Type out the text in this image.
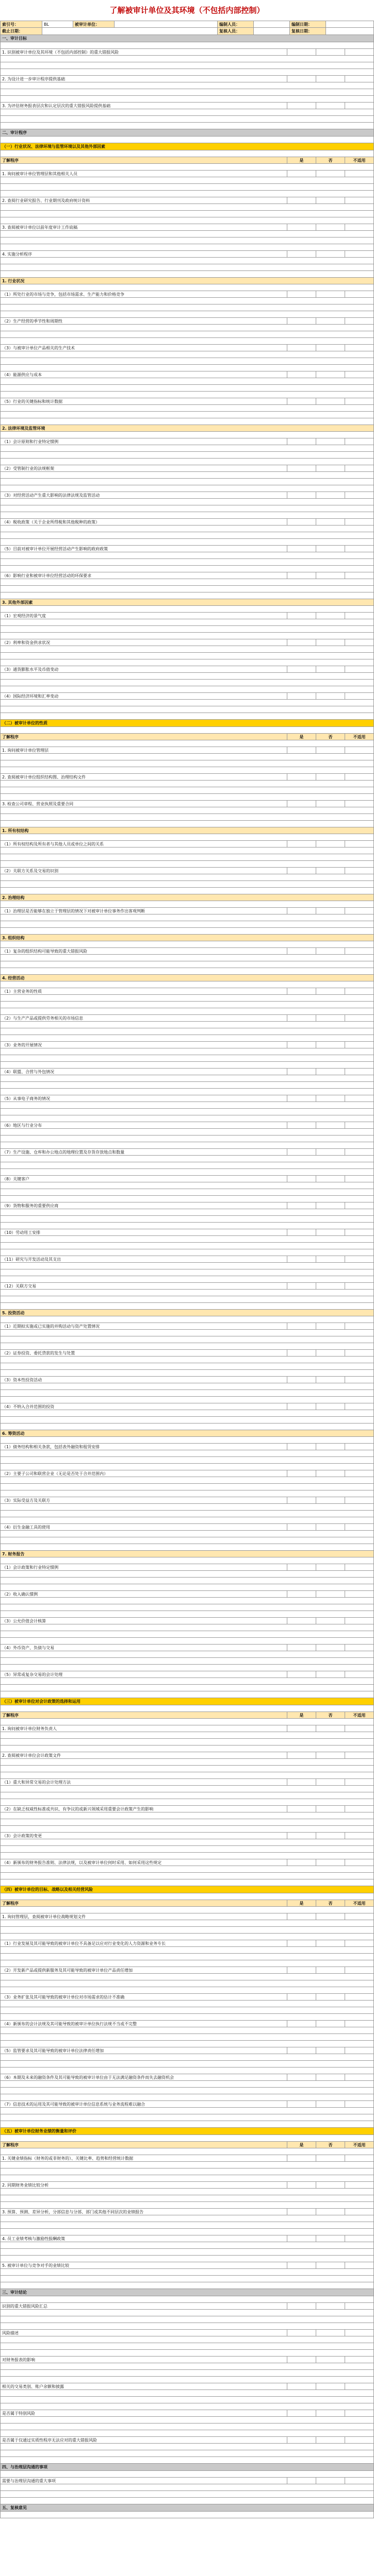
了解被审计单位及其环境（不包括内部控制）
索引号：	BL	被审计单位：	编制人员：	编制日期：
截止日期：	复核人员：	复核日期：
一、审计目标
1. 识别被审计单位及其环境（不包括内部控制）的重大错报风险
2. 为设计进一步审计程序提供基础
3. 为评估财务报表层次和认定层次的重大错报风险提供基础
二、审计程序
（一）行业状况、法律环境与监管环境以及其他外部因素
了解程序	是	否	不适用
1. 询问被审计单位管理层和其他相关人员
2. 查阅行业研究报告、行业期刊及政府统计资料
3. 查阅被审计单位以前年度审计工作底稿
4. 实施分析程序
1. 行业状况
（1）所处行业的市场与竞争，包括市场需求、生产能力和价格竞争
（2）生产经营的季节性和周期性
（3）与被审计单位产品相关的生产技术
（4）能源供应与成本
（5）行业的关键指标和统计数据
2. 法律环境及监管环境
（1）会计原则和行业特定惯例
（2）受管制行业的法规框架
（3）对经营活动产生重大影响的法律法规及监管活动
（4）税收政策（关于企业所得税和其他税种的政策）
（5）目前对被审计单位开展经营活动产生影响的政府政策
（6）影响行业和被审计单位经营活动的环保要求
3. 其他外部因素
（1）宏观经济的景气度
（2）利率和资金供求状况
（3）通货膨胀水平及币值变动
（4）国际经济环境和汇率变动
（二）被审计单位的性质
了解程序	是	否	不适用
1. 询问被审计单位管理层
2. 查阅被审计单位组织结构图、治理结构文件
3. 检查公司章程、营业执照及重要合同
1. 所有权结构
（1）所有权结构及所有者与其他人员或单位之间的关系
（2）关联方关系及交易的识别
2. 治理结构
（1）治理层是否能够在独立于管理层的情况下对被审计单位事务作出客观判断
3. 组织结构
（1）复杂的组织结构可能导致的重大错报风险
4. 经营活动
（1）主营业务的性质
（2）与生产产品或提供劳务相关的市场信息
（3）业务的开展情况
（4）联盟、合营与外包情况
（5）从事电子商务的情况
（6）地区与行业分布
（7）生产设施、仓库和办公地点的地理位置及存货存放地点和数量
（8）关键客户
（9）货物和服务的重要供应商
（10）劳动用工安排
（11）研究与开发活动及其支出
（12）关联方交易
5. 投资活动
（1）近期拟实施或已实施的并购活动与资产处置情况
（2）证券投资、委托贷款的发生与处置
（3）资本性投资活动
（4）不纳入合并范围的投资
6. 筹资活动
（1）债务结构和相关条款，包括表外融资和租赁安排
（2）主要子公司和联营企业（无论是否处于合并范围内）
（3）实际受益方及关联方
（4）衍生金融工具的使用
7. 财务报告
（1）会计政策和行业特定惯例
（2）收入确认惯例
（3）公允价值会计核算
（4）外币资产、负债与交易
（5）异常或复杂交易的会计处理
（三）被审计单位对会计政策的选择和运用
了解程序	是	否	不适用
1. 询问被审计单位财务负责人
2. 查阅被审计单位会计政策文件
（1）重大和异常交易的会计处理方法
（2）在缺乏权威性标准或共识、有争议的或新兴领域采用重要会计政策产生的影响
（3）会计政策的变更
（4）新颁布的财务报告准则、法律法规，以及被审计单位何时采用、如何采用这些规定
（四）被审计单位的目标、战略以及相关经营风险
了解程序	是	否	不适用
1. 询问管理层，查阅被审计单位战略规划文件
（1）行业发展及其可能导致的被审计单位不具备足以应对行业变化的人力资源和业务专长
（2）开发新产品或提供新服务及其可能导致的被审计单位产品责任增加
（3）业务扩张及其可能导致的被审计单位对市场需求的估计不准确
（4）新颁布的会计法规及其可能导致的被审计单位执行法规不当或不完整
（5）监管要求及其可能导致的被审计单位法律责任增加
（6）本期及未来的融资条件及其可能导致的被审计单位由于无法满足融资条件而失去融资机会
（7）信息技术的运用及其可能导致的被审计单位信息系统与业务流程难以融合
（五）被审计单位财务业绩的衡量和评价
了解程序	是	否	不适用
1. 关键业绩指标（财务的或非财务的）、关键比率、趋势和经营统计数据
2. 同期财务业绩比较分析
3. 预算、预测、差异分析，分部信息与分部、部门或其他不同层次的业绩报告
4. 员工业绩考核与激励性报酬政策
5. 被审计单位与竞争对手的业绩比较
三、审计结论
识别的重大错报风险汇总
风险描述
对财务报表的影响
相关的交易类别、账户余额和披露
是否属于特别风险
是否属于仅通过实质性程序无法应对的重大错报风险
四、与治理层沟通的事项
需要与治理层沟通的重大事项
五、复核意见
